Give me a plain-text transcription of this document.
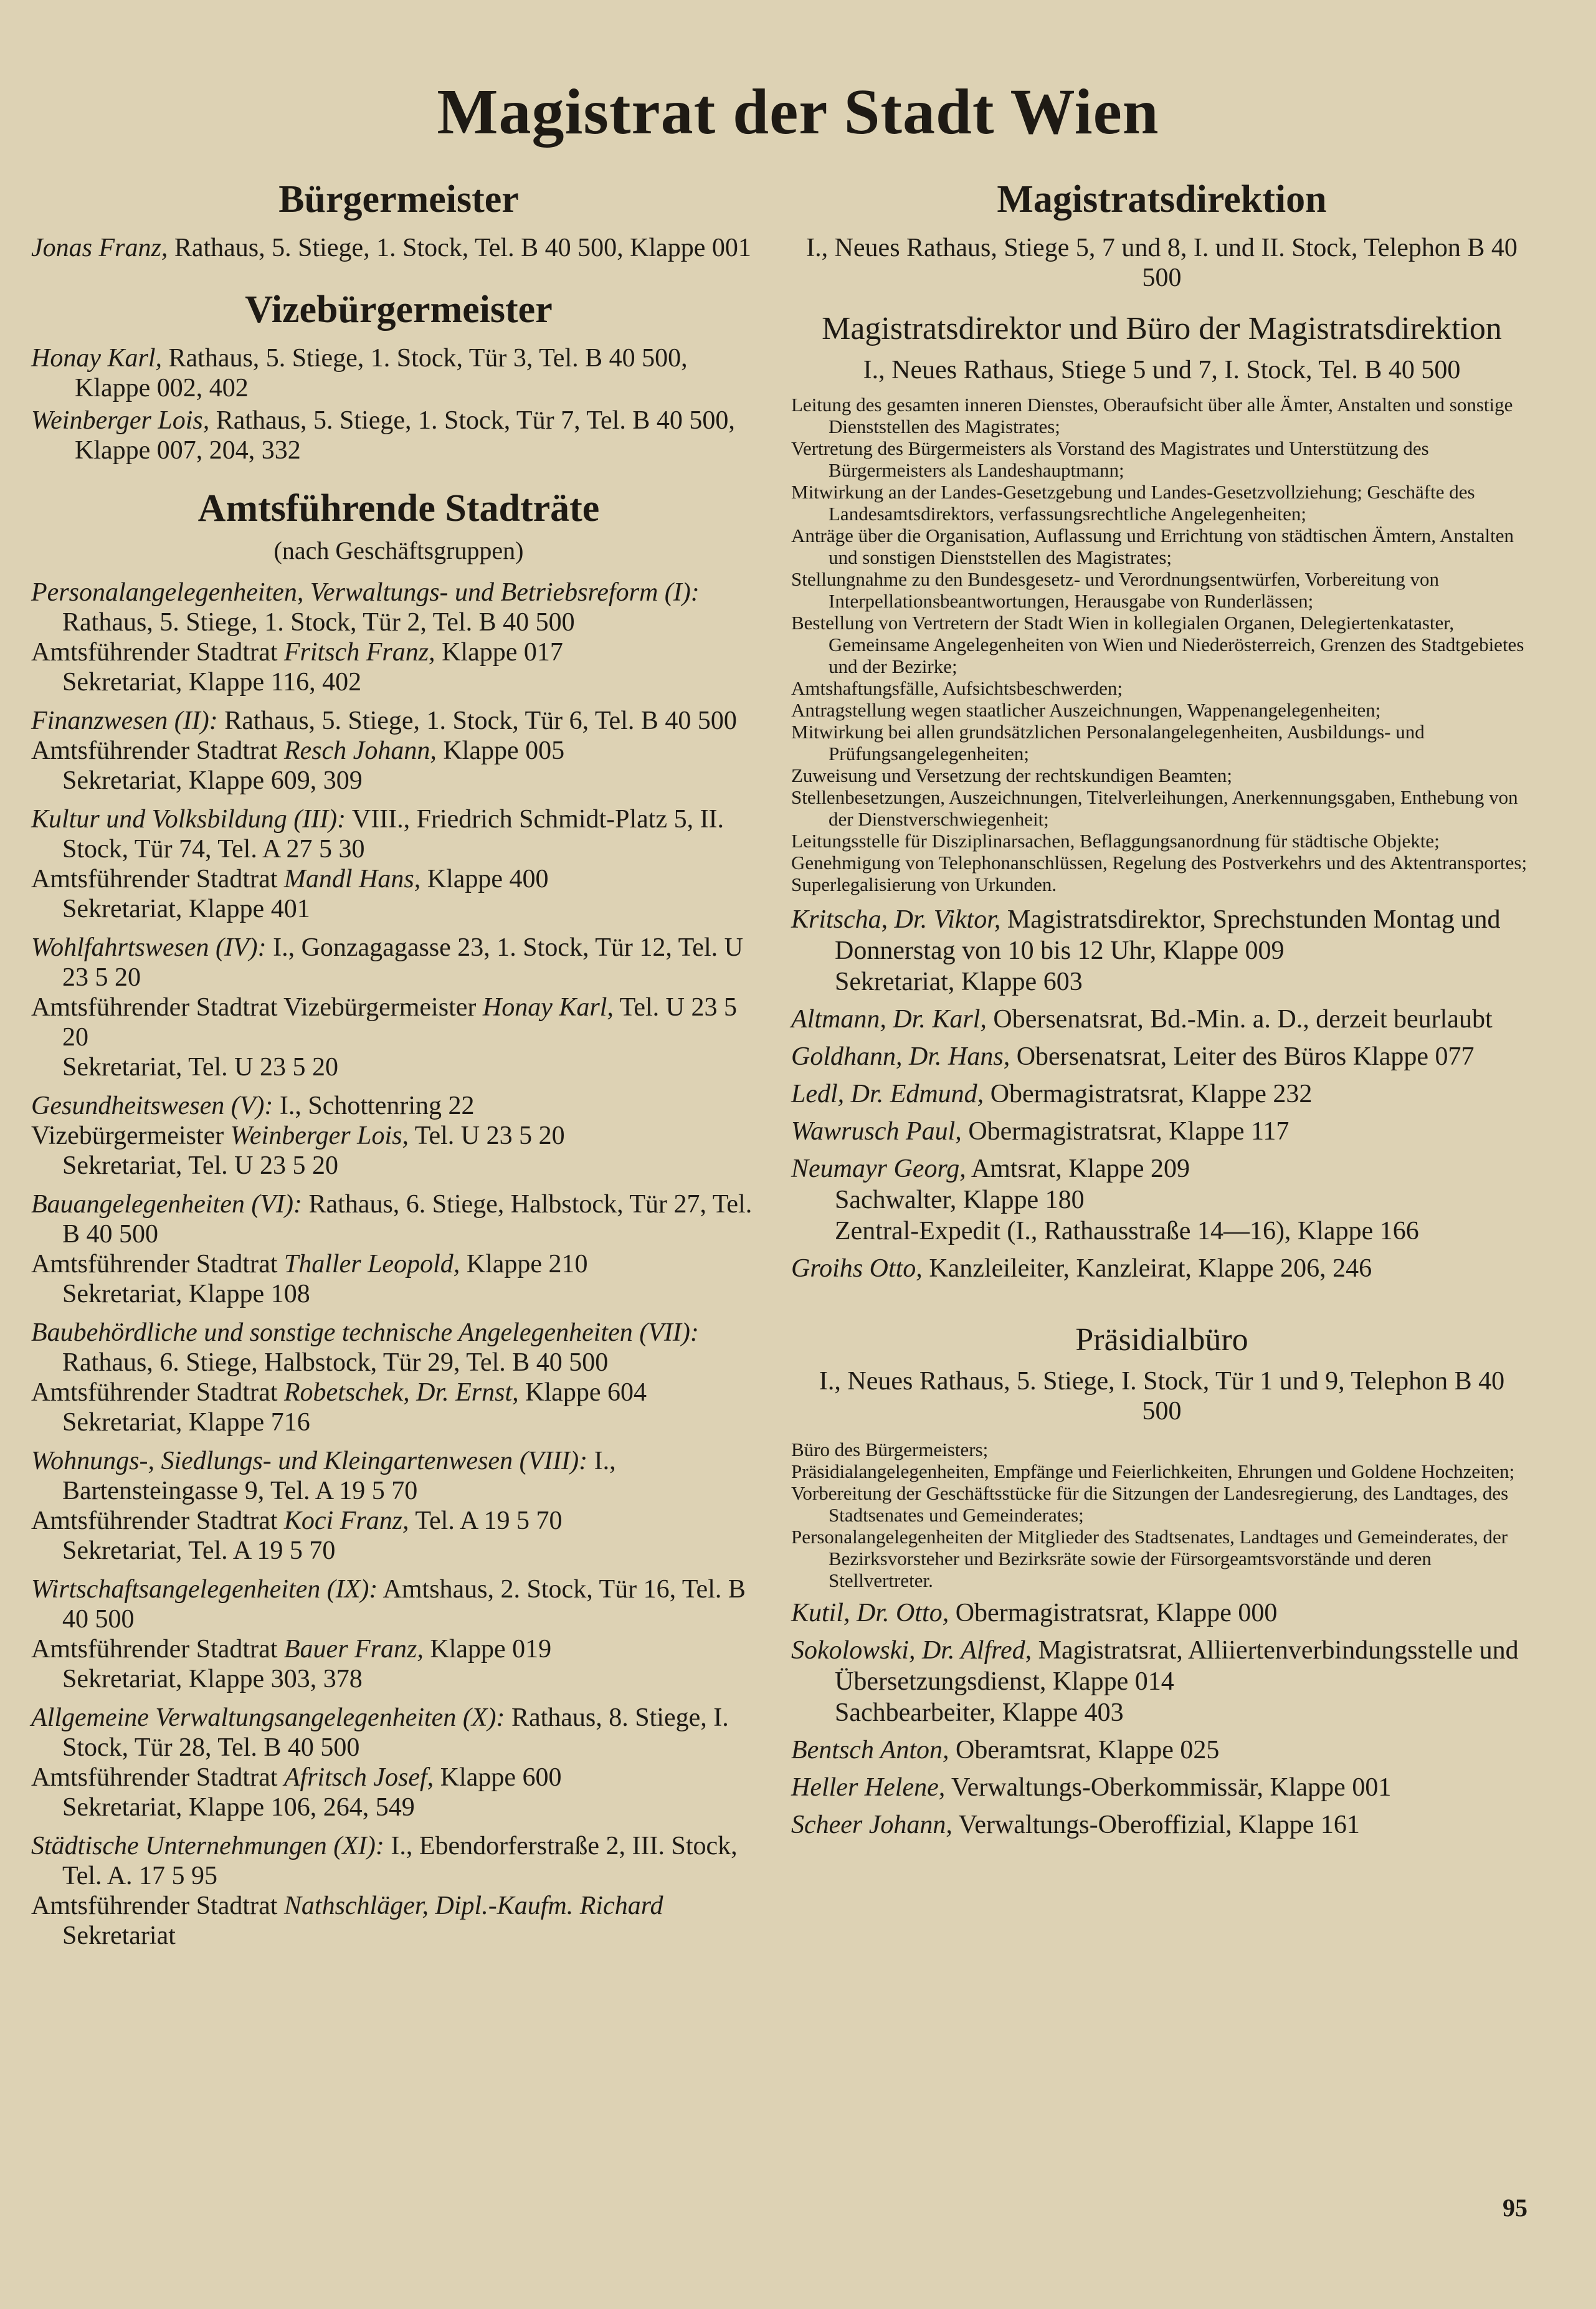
Magistrat der Stadt Wien
Bürgermeister
Jonas Franz, Rathaus, 5. Stiege, 1. Stock, Tel. B 40 500, Klappe 001
Vizebürgermeister
Honay Karl, Rathaus, 5. Stiege, 1. Stock, Tür 3, Tel. B 40 500, Klappe 002, 402
Weinberger Lois, Rathaus, 5. Stiege, 1. Stock, Tür 7, Tel. B 40 500, Klappe 007, 204, 332
Amtsführende Stadträte
(nach Geschäftsgruppen)
Personalangelegenheiten, Verwaltungs- und Betriebsreform (I): Rathaus, 5. Stiege, 1. Stock, Tür 2, Tel. B 40 500
Amtsführender Stadtrat Fritsch Franz, Klappe 017
Sekretariat, Klappe 116, 402
Finanzwesen (II): Rathaus, 5. Stiege, 1. Stock, Tür 6, Tel. B 40 500
Amtsführender Stadtrat Resch Johann, Klappe 005
Sekretariat, Klappe 609, 309
Kultur und Volksbildung (III): VIII., Friedrich Schmidt-Platz 5, II. Stock, Tür 74, Tel. A 27 5 30
Amtsführender Stadtrat Mandl Hans, Klappe 400
Sekretariat, Klappe 401
Wohlfahrtswesen (IV): I., Gonzagagasse 23, 1. Stock, Tür 12, Tel. U 23 5 20
Amtsführender Stadtrat Vizebürgermeister Honay Karl, Tel. U 23 5 20
Sekretariat, Tel. U 23 5 20
Gesundheitswesen (V): I., Schottenring 22
Vizebürgermeister Weinberger Lois, Tel. U 23 5 20
Sekretariat, Tel. U 23 5 20
Bauangelegenheiten (VI): Rathaus, 6. Stiege, Halbstock, Tür 27, Tel. B 40 500
Amtsführender Stadtrat Thaller Leopold, Klappe 210
Sekretariat, Klappe 108
Baubehördliche und sonstige technische Angelegenheiten (VII): Rathaus, 6. Stiege, Halbstock, Tür 29, Tel. B 40 500
Amtsführender Stadtrat Robetschek, Dr. Ernst, Klappe 604
Sekretariat, Klappe 716
Wohnungs-, Siedlungs- und Kleingartenwesen (VIII): I., Bartensteingasse 9, Tel. A 19 5 70
Amtsführender Stadtrat Koci Franz, Tel. A 19 5 70
Sekretariat, Tel. A 19 5 70
Wirtschaftsangelegenheiten (IX): Amtshaus, 2. Stock, Tür 16, Tel. B 40 500
Amtsführender Stadtrat Bauer Franz, Klappe 019
Sekretariat, Klappe 303, 378
Allgemeine Verwaltungsangelegenheiten (X): Rathaus, 8. Stiege, I. Stock, Tür 28, Tel. B 40 500
Amtsführender Stadtrat Afritsch Josef, Klappe 600
Sekretariat, Klappe 106, 264, 549
Städtische Unternehmungen (XI): I., Ebendorferstraße 2, III. Stock, Tel. A. 17 5 95
Amtsführender Stadtrat Nathschläger, Dipl.-Kaufm. Richard
Sekretariat
Magistratsdirektion
I., Neues Rathaus, Stiege 5, 7 und 8, I. und II. Stock, Telephon B 40 500
Magistratsdirektor und Büro der Magistratsdirektion
I., Neues Rathaus, Stiege 5 und 7, I. Stock, Tel. B 40 500
Leitung des gesamten inneren Dienstes, Oberaufsicht über alle Ämter, Anstalten und sonstige Dienststellen des Magistrates;
Vertretung des Bürgermeisters als Vorstand des Magistrates und Unterstützung des Bürgermeisters als Landeshauptmann;
Mitwirkung an der Landes-Gesetzgebung und Landes-Gesetzvollziehung; Geschäfte des Landesamtsdirektors, verfassungsrechtliche Angelegenheiten;
Anträge über die Organisation, Auflassung und Errichtung von städtischen Ämtern, Anstalten und sonstigen Dienststellen des Magistrates;
Stellungnahme zu den Bundesgesetz- und Verordnungsentwürfen, Vorbereitung von Interpellationsbeantwortungen, Herausgabe von Runderlässen;
Bestellung von Vertretern der Stadt Wien in kollegialen Organen, Delegiertenkataster, Gemeinsame Angelegenheiten von Wien und Niederösterreich, Grenzen des Stadtgebietes und der Bezirke;
Amtshaftungsfälle, Aufsichtsbeschwerden;
Antragstellung wegen staatlicher Auszeichnungen, Wappenangelegenheiten;
Mitwirkung bei allen grundsätzlichen Personalangelegenheiten, Ausbildungs- und Prüfungsangelegenheiten;
Zuweisung und Versetzung der rechtskundigen Beamten;
Stellenbesetzungen, Auszeichnungen, Titelverleihungen, Anerkennungsgaben, Enthebung von der Dienstverschwiegenheit;
Leitungsstelle für Disziplinarsachen, Beflaggungsanordnung für städtische Objekte;
Genehmigung von Telephonanschlüssen, Regelung des Postverkehrs und des Aktentransportes;
Superlegalisierung von Urkunden.
Kritscha, Dr. Viktor, Magistratsdirektor, Sprechstunden Montag und Donnerstag von 10 bis 12 Uhr, Klappe 009
Sekretariat, Klappe 603
Altmann, Dr. Karl, Obersenatsrat, Bd.-Min. a. D., derzeit beurlaubt
Goldhann, Dr. Hans, Obersenatsrat, Leiter des Büros Klappe 077
Ledl, Dr. Edmund, Obermagistratsrat, Klappe 232
Wawrusch Paul, Obermagistratsrat, Klappe 117
Neumayr Georg, Amtsrat, Klappe 209
Sachwalter, Klappe 180
Zentral-Expedit (I., Rathausstraße 14—16), Klappe 166
Groihs Otto, Kanzleileiter, Kanzleirat, Klappe 206, 246
Präsidialbüro
I., Neues Rathaus, 5. Stiege, I. Stock, Tür 1 und 9, Telephon B 40 500
Büro des Bürgermeisters;
Präsidialangelegenheiten, Empfänge und Feierlichkeiten, Ehrungen und Goldene Hochzeiten;
Vorbereitung der Geschäftsstücke für die Sitzungen der Landesregierung, des Landtages, des Stadtsenates und Gemeinderates;
Personalangelegenheiten der Mitglieder des Stadtsenates, Landtages und Gemeinderates, der Bezirksvorsteher und Bezirksräte sowie der Fürsorgeamtsvorstände und deren Stellvertreter.
Kutil, Dr. Otto, Obermagistratsrat, Klappe 000
Sokolowski, Dr. Alfred, Magistratsrat, Alliiertenverbindungsstelle und Übersetzungsdienst, Klappe 014
Sachbearbeiter, Klappe 403
Bentsch Anton, Oberamtsrat, Klappe 025
Heller Helene, Verwaltungs-Oberkommissär, Klappe 001
Scheer Johann, Verwaltungs-Oberoffizial, Klappe 161
95
